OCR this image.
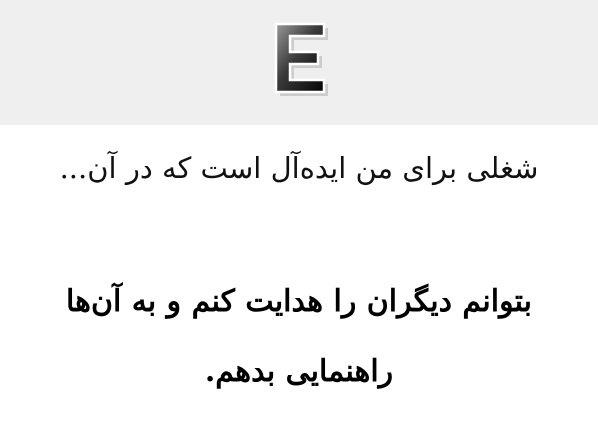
شغلی برای من ایده‌آل است که در آن...
بتوانم دیگران را هدایت کنم و به آن‌ها
راهنمایی بدهم.
